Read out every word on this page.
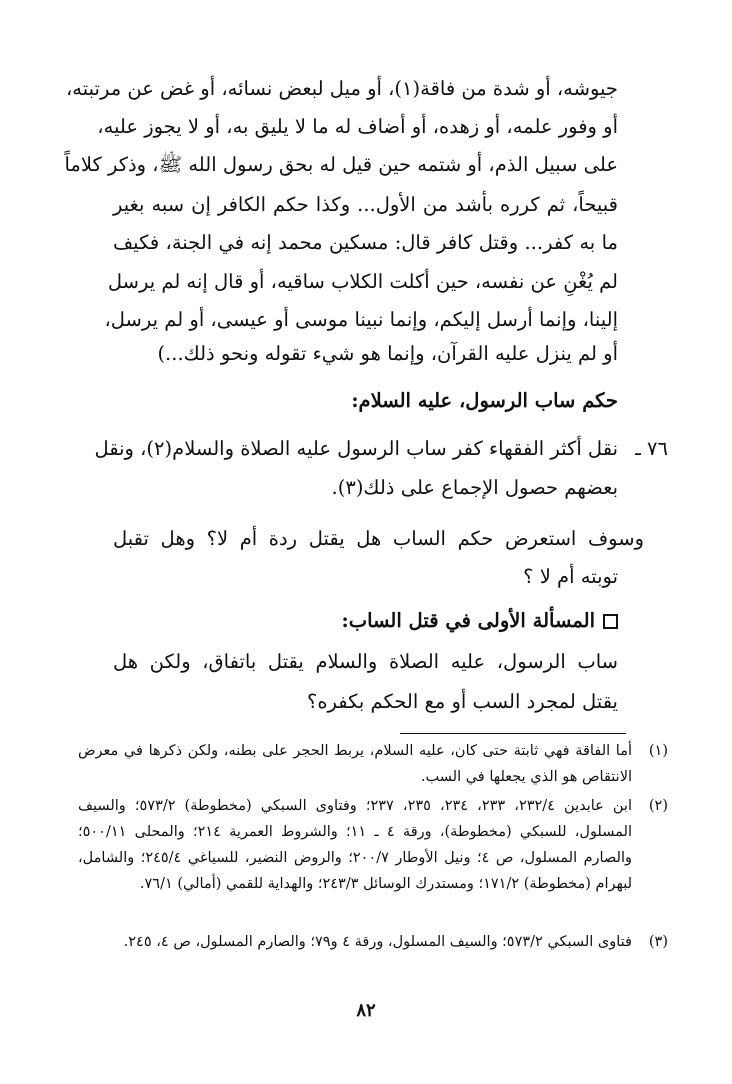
جيوشه، أو شدة من فاقة(١)، أو ميل لبعض نسائه، أو غض عن مرتبته،
أو وفور علمه، أو زهده، أو أضاف له ما لا يليق به، أو لا يجوز عليه،
على سبيل الذم، أو شتمه حين قيل له بحق رسول الله ﷺ، وذكر كلاماً
قبيحاً، ثم كرره بأشد من الأول... وكذا حكم الكافر إن سبه بغير
ما به كفر... وقتل كافر قال: مسكين محمد إنه في الجنة، فكيف
لم يُغْنِ عن نفسه، حين أكلت الكلاب ساقيه، أو قال إنه لم يرسل
إلينا، وإنما أرسل إليكم، وإنما نبينا موسى أو عيسى، أو لم يرسل،
أو لم ينزل عليه القرآن، وإنما هو شيء تقوله ونحو ذلك...)
حكم ساب الرسول، عليه السلام:
٧٦ ـ
نقل أكثر الفقهاء كفر ساب الرسول عليه الصلاة والسلام(٢)، ونقل
بعضهم حصول الإجماع على ذلك(٣).
وسوف استعرض حكم الساب هل يقتل ردة أم لا؟ وهل تقبل
توبته أم لا ؟
المسألة الأولى في قتل الساب:
ساب الرسول، عليه الصلاة والسلام يقتل باتفاق، ولكن هل
يقتل لمجرد السب أو مع الحكم بكفره؟
(١)
أما الفاقة فهي ثابتة حتى كان، عليه السلام، يربط الحجر على بطنه، ولكن ذكرها في معرض الانتقاص هو الذي يجعلها في السب.
(٢)
ابن عابدين ٢٣٢/٤، ٢٣٣، ٢٣٤، ٢٣٥، ٢٣٧؛ وفتاوى السبكي (مخطوطة) ٥٧٣/٢؛ والسيف المسلول، للسبكي (مخطوطة)، ورقة ٤ ـ ١١؛ والشروط العمرية ٢١٤؛ والمحلى ٥٠٠/١١؛ والصارم المسلول، ص ٤؛ ونيل الأوطار ٢٠٠/٧؛ والروض النضير، للسياغي ٢٤٥/٤؛ والشامل، لبهرام (مخطوطة) ١٧١/٢؛ ومستدرك الوسائل ٢٤٣/٣؛ والهداية للقمي (أمالي) ٧٦/١.
(٣)
فتاوى السبكي ٥٧٣/٢؛ والسيف المسلول، ورقة ٤ و٧٩؛ والصارم المسلول، ص ٤، ٢٤٥.
٨٢
